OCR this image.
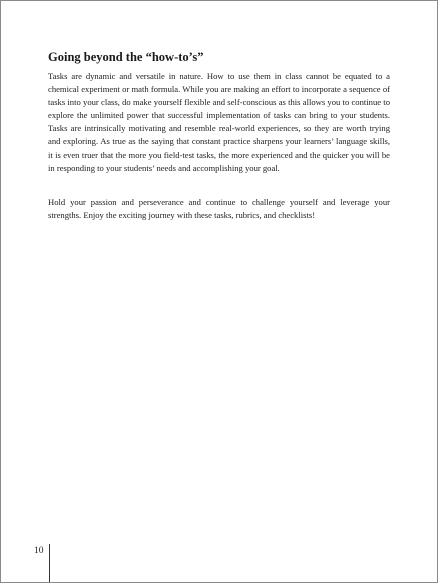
Going beyond the “how-to’s”

Tasks are dynamic and versatile in nature. How to use them in class cannot be equated to a chemical experiment or math formula. While you are making an effort to incorporate a sequence of tasks into your class, do make yourself flexible and self-conscious as this allows you to continue to explore the unlimited power that successful implementation of tasks can bring to your students. Tasks are intrinsically motivating and resemble real-world experiences, so they are worth trying and exploring. As true as the saying that constant practice sharpens your learners’ language skills, it is even truer that the more you field-test tasks, the more experienced and the quicker you will be in responding to your students’ needs and accomplishing your goal.

Hold your passion and perseverance and continue to challenge yourself and leverage your strengths. Enjoy the exciting journey with these tasks, rubrics, and checklists!

10
